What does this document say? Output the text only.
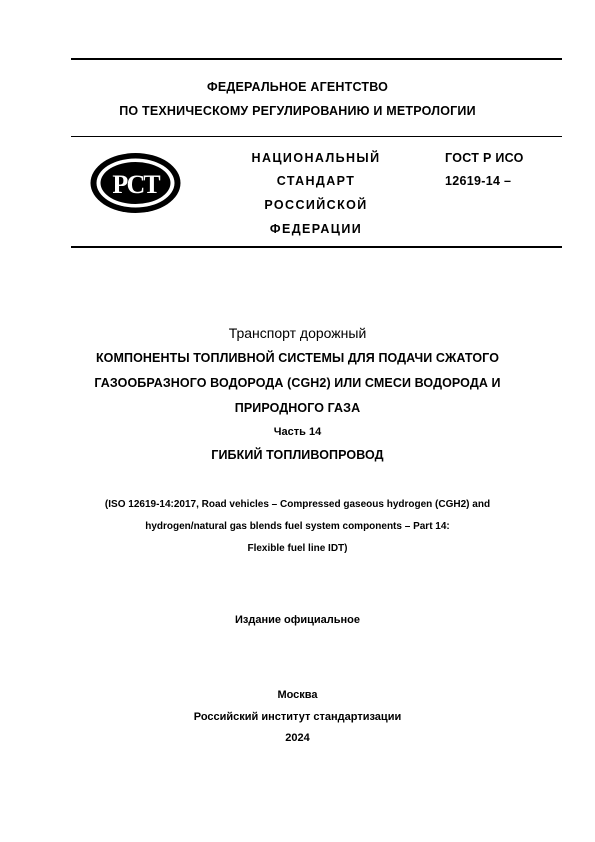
ФЕДЕРАЛЬНОЕ АГЕНТСТВО
ПО ТЕХНИЧЕСКОМУ РЕГУЛИРОВАНИЮ И МЕТРОЛОГИИ
РСТ
НАЦИОНАЛЬНЫЙ
СТАНДАРТ
РОССИЙСКОЙ
ФЕДЕРАЦИИ
ГОСТ Р ИСО
12619-14 –
Транспорт дорожный
КОМПОНЕНТЫ ТОПЛИВНОЙ СИСТЕМЫ ДЛЯ ПОДАЧИ СЖАТОГО
ГАЗООБРАЗНОГО ВОДОРОДА (CGH2) ИЛИ СМЕСИ ВОДОРОДА И
ПРИРОДНОГО ГАЗА
Часть 14
ГИБКИЙ ТОПЛИВОПРОВОД
(ISO 12619-14:2017, Road vehicles – Compressed gaseous hydrogen (CGH2) and
hydrogen/natural gas blends fuel system components – Part 14:
Flexible fuel line IDT)
Издание официальное
Москва
Российский институт стандартизации
2024
